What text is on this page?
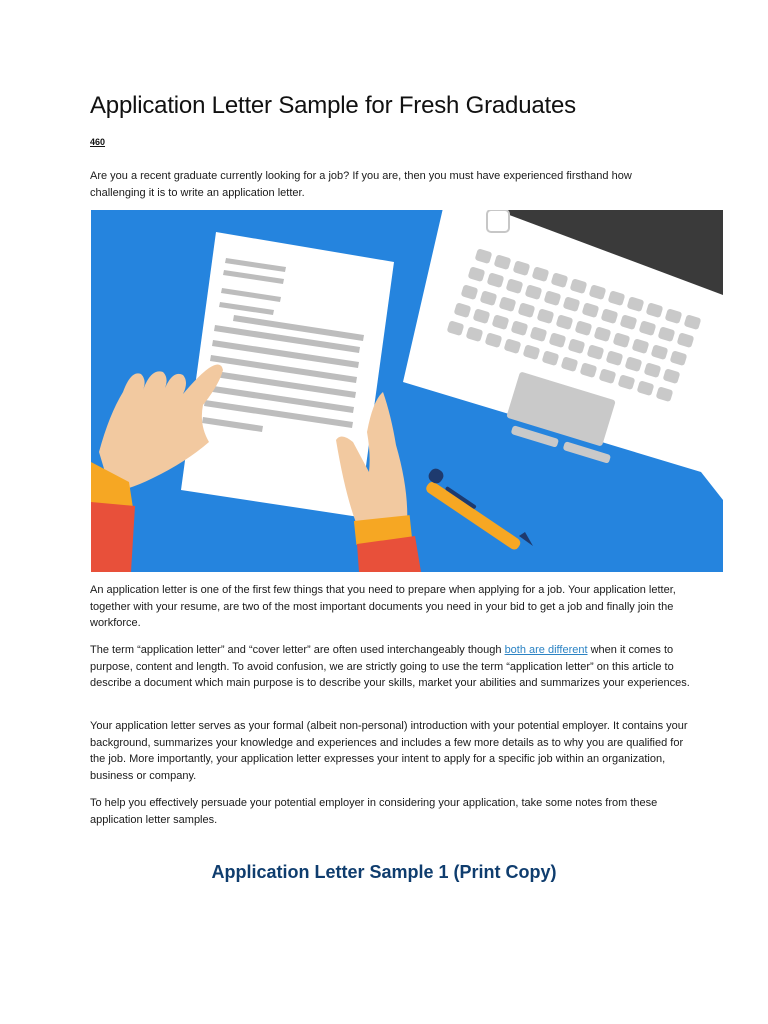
Application Letter Sample for Fresh Graduates
460

Are you a recent graduate currently looking for a job? If you are, then you must have experienced firsthand how challenging it is to write an application letter.

An application letter is one of the first few things that you need to prepare when applying for a job. Your application letter, together with your resume, are two of the most important documents you need in your bid to get a job and finally join the workforce.

The term “application letter” and “cover letter” are often used interchangeably though both are different when it comes to purpose, content and length. To avoid confusion, we are strictly going to use the term “application letter” on this article to describe a document which main purpose is to describe your skills, market your abilities and summarizes your experiences.

Your application letter serves as your formal (albeit non-personal) introduction with your potential employer. It contains your background, summarizes your knowledge and experiences and includes a few more details as to why you are qualified for the job. More importantly, your application letter expresses your intent to apply for a specific job within an organization, business or company.

To help you effectively persuade your potential employer in considering your application, take some notes from these application letter samples.

Application Letter Sample 1 (Print Copy)
